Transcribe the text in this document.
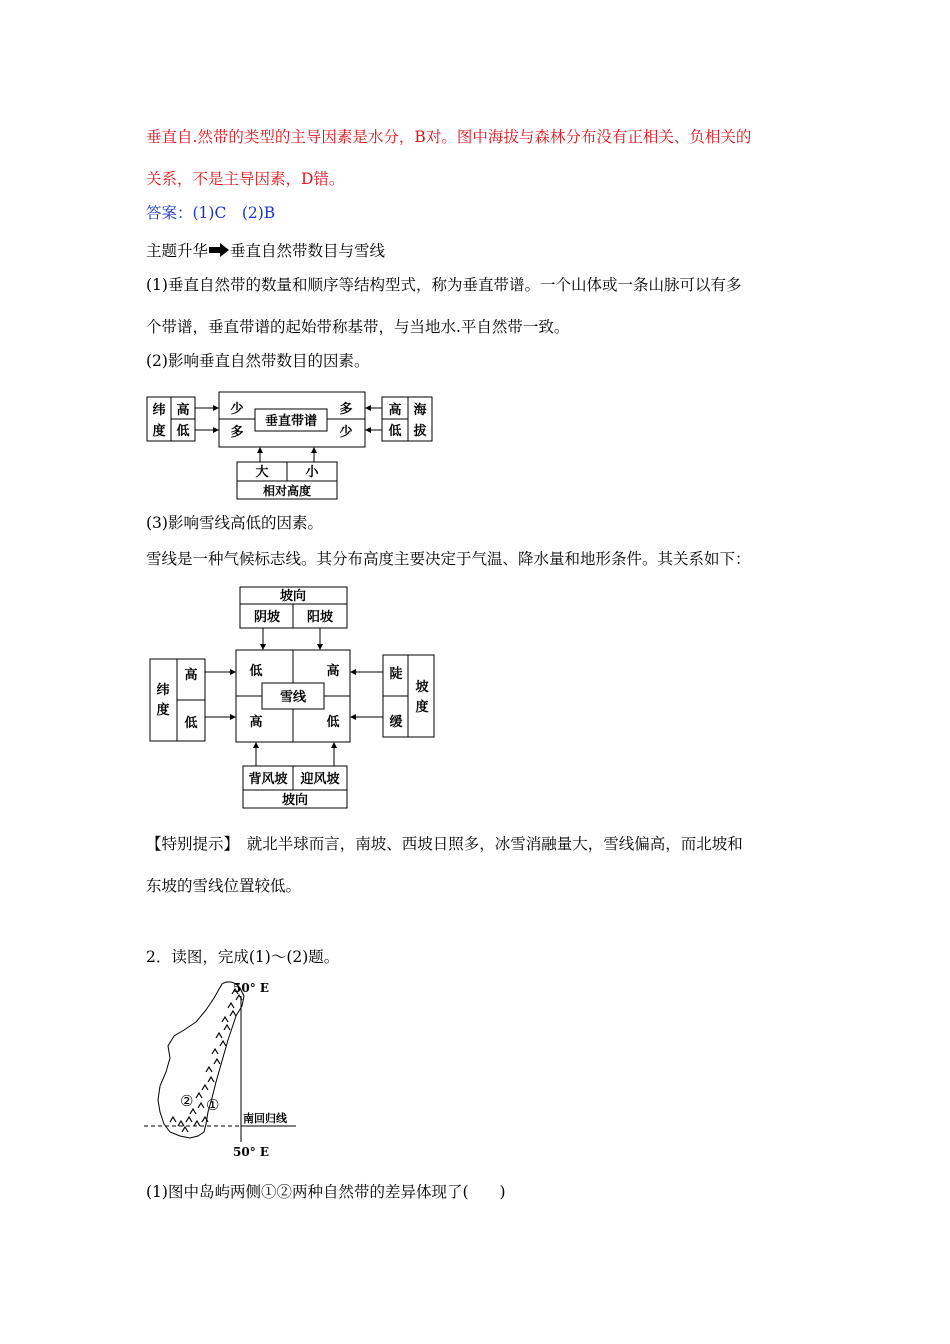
垂直自.然带的类型的主导因素是水分，B对。图中海拔与森林分布没有正相关、负相关的
关系，不是主导因素，D错。
答案：(1)C　(2)B
主题升华 垂直自然带数目与雪线
(1)垂直自然带的数量和顺序等结构型式，称为垂直带谱。一个山体或一条山脉可以有多
个带谱，垂直带谱的起始带称基带，与当地水.平自然带一致。
(2)影响垂直自然带数目的因素。
纬
度
高
低
少	多
多	少
垂直带谱
高
低
海
拔
大	小
相对高度
(3)影响雪线高低的因素。
雪线是一种气候标志线。其分布高度主要决定于气温、降水量和地形条件。其关系如下：
坡向
阴坡 阳坡
纬
度
高
低
低	高
高	低
雪线
陡
缓
坡
度
背风坡 迎风坡
坡向
【特别提示】　就北半球而言，南坡、西坡日照多，冰雪消融量大，雪线偏高，而北坡和
东坡的雪线位置较低。
2．读图，完成(1)～(2)题。
50° E
50° E
南回归线
①
②
(1)图中岛屿两侧①②两种自然带的差异体现了(　　)
